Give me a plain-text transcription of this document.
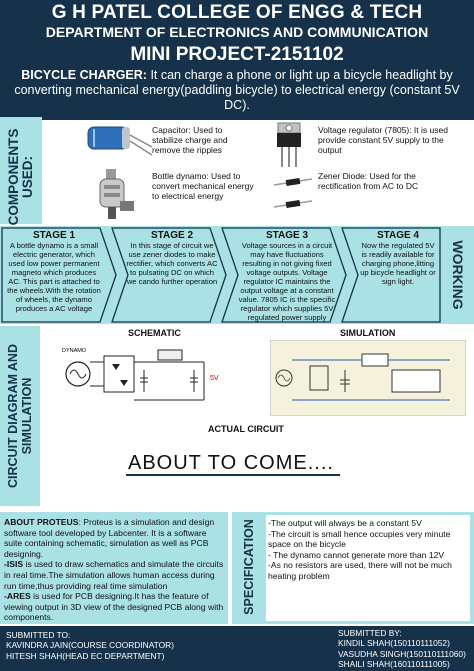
G H PATEL COLLEGE OF ENGG & TECH
DEPARTMENT OF ELECTRONICS AND COMMUNICATION
MINI PROJECT-2151102
BICYCLE CHARGER: It can charge a phone or light up a bicycle headlight by converting mechanical energy(paddling bicycle) to electrical energy (constant 5V DC).
COMPONENTS USED:
Capacitor: Used to stabilize charge and remove the ripples
Voltage regulator (7805): It is used provide constant 5V supply to the output
Bottle dynamo: Used to convert mechanical energy to electrical energy
Zener Diode: Used for the rectification from AC to DC
STAGE 1
A bottle dynamo is a small electric generator, which used low power permanent magneto which produces AC. This part is attached to the wheels.With the rotation of wheels, the dynamo produces a AC voltage
STAGE 2
In this stage of circuit we use zener diodes to make rectifier, which converts AC to pulsating DC on which we cando further operation
STAGE 3
Voltage sources in a circuit may have fluctuations resulting in not giving fixed voltage outputs. Voltage regulator IC maintains the output voltage at a constant value. 7805 IC is the specific regulator which supplies 5V regulated power supply
STAGE 4
Now the regulated 5V is readily available for charging phone,litting up bicycle headlight or sign light.	WORKING
CIRCUIT DIAGRAM AND SIMULATION
SCHEMATIC
DYNAMO
5V
SIMULATION
ACTUAL CIRCUIT
ABOUT TO COME....
ABOUT PROTEUS: Proteus is a simulation and design software tool developed by Labcenter. It is a software suite containing schematic, simulation as well as PCB designing.
-ISIS is used to draw schematics and simulate the circuits in real time.The simulation allows human access during run time,thus providing real time simulation
-ARES is used for PCB designing.It has the feature of viewing output in 3D view of the designed PCB along with components.
SPECIFICATION -The output will always be a constant 5V
-The circuit is small hence occupies very minute space on the bicycle
- The dynamo cannot generate more than 12V
-As no resistors are used, there will not be much heating problem
SUBMITTED TO:
KAVINDRA JAIN(COURSE COORDINATOR)
HITESH SHAH(HEAD EC DEPARTMENT)
SUBMITTED BY:
KINDIL SHAH(150110111052)
VASUDHA SINGH(150110111060)
SHAILI SHAH(160110111005)
